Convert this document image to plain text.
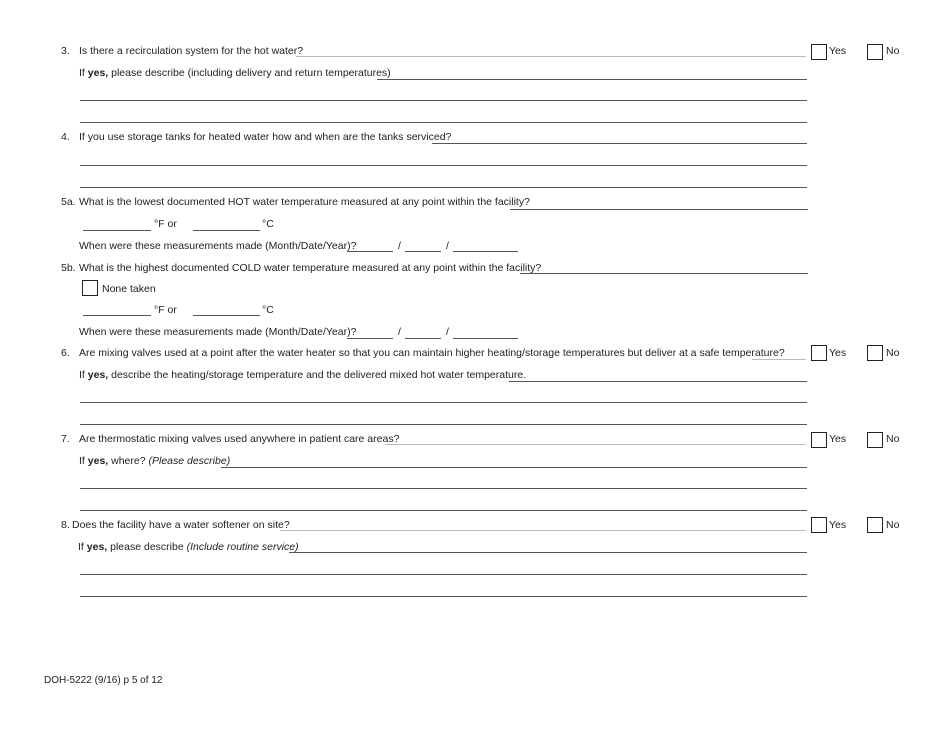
3. Is there a recirculation system for the hot water?	Yes	No
If yes, please describe (including delivery and return temperatures)
4. If you use storage tanks for heated water how and when are the tanks serviced?
5a. What is the lowest documented HOT water temperature measured at any point within the facility?
°F or	°C
When were these measurements made (Month/Date/Year)?	/	/
5b. What is the highest documented COLD water temperature measured at any point within the facility?
None taken
°F or	°C
When were these measurements made (Month/Date/Year)?	/	/
6. Are mixing valves used at a point after the water heater so that you can maintain higher heating/storage temperatures but deliver at a safe temperature?	Yes	No
If yes, describe the heating/storage temperature and the delivered mixed hot water temperature.
7. Are thermostatic mixing valves used anywhere in patient care areas?	Yes	No
If yes, where? (Please describe)
8. Does the facility have a water softener on site?	Yes	No
If yes, please describe (Include routine service)
DOH-5222 (9/16) p 5 of 12
